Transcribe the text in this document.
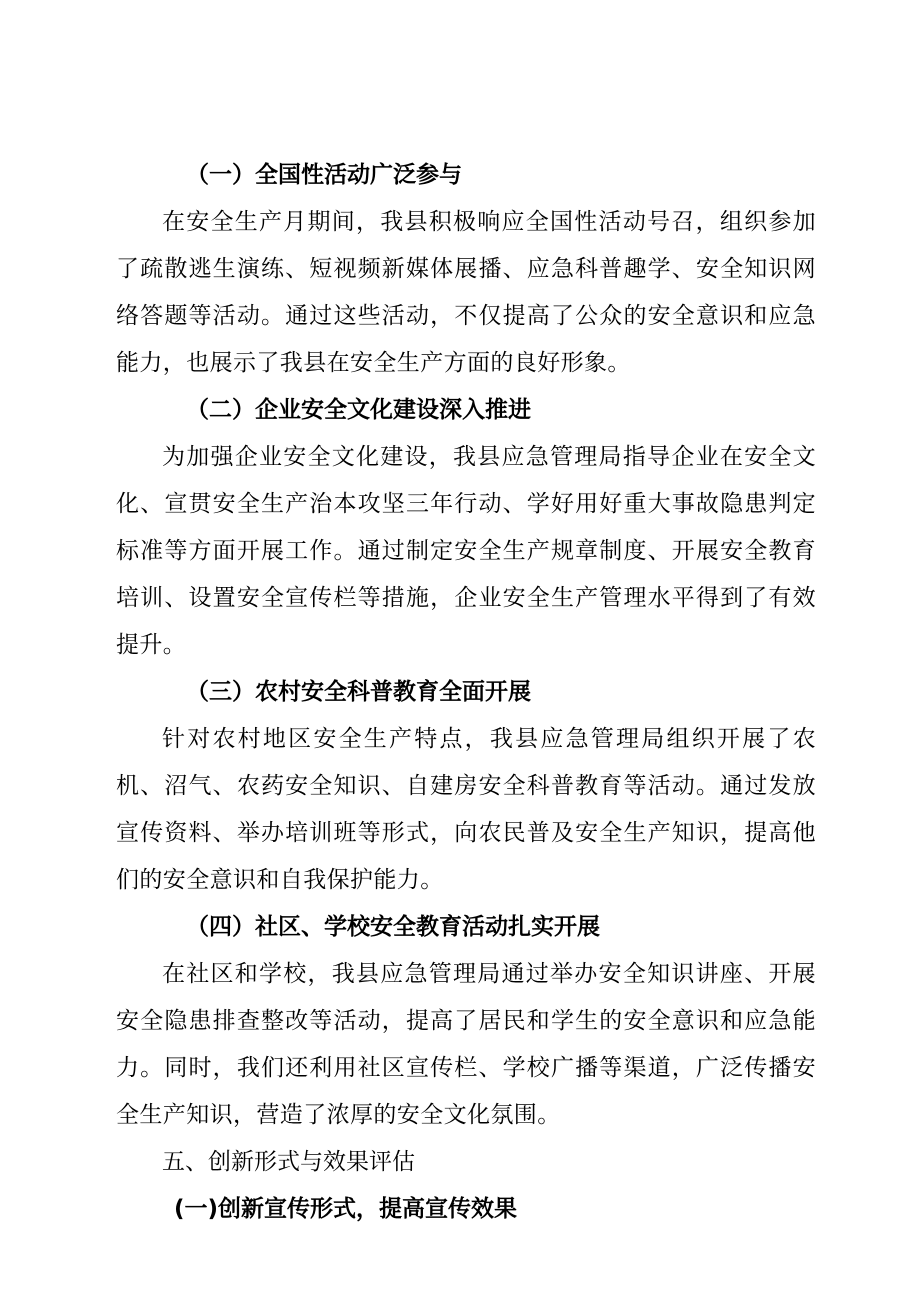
（一）全国性活动广泛参与

在安全生产月期间，我县积极响应全国性活动号召，组织参加了疏散逃生演练、短视频新媒体展播、应急科普趣学、安全知识网络答题等活动。通过这些活动，不仅提高了公众的安全意识和应急能力，也展示了我县在安全生产方面的良好形象。

（二）企业安全文化建设深入推进

为加强企业安全文化建设，我县应急管理局指导企业在安全文化、宣贯安全生产治本攻坚三年行动、学好用好重大事故隐患判定标准等方面开展工作。通过制定安全生产规章制度、开展安全教育培训、设置安全宣传栏等措施，企业安全生产管理水平得到了有效提升。

（三）农村安全科普教育全面开展

针对农村地区安全生产特点，我县应急管理局组织开展了农机、沼气、农药安全知识、自建房安全科普教育等活动。通过发放宣传资料、举办培训班等形式，向农民普及安全生产知识，提高他们的安全意识和自我保护能力。

（四）社区、学校安全教育活动扎实开展

在社区和学校，我县应急管理局通过举办安全知识讲座、开展安全隐患排查整改等活动，提高了居民和学生的安全意识和应急能力。同时，我们还利用社区宣传栏、学校广播等渠道，广泛传播安全生产知识，营造了浓厚的安全文化氛围。

五、创新形式与效果评估
(一)创新宣传形式，提高宣传效果
